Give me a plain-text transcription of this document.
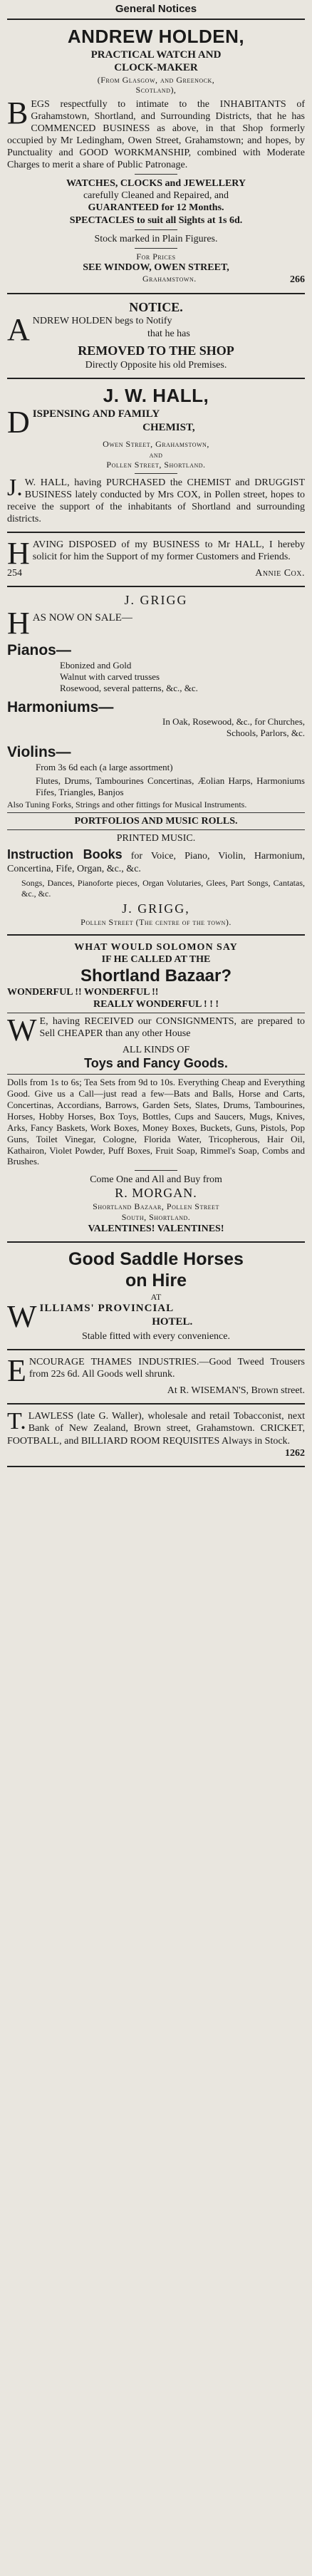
General Notices
ANDREW HOLDEN,
PRACTICAL WATCH AND
CLOCK-MAKER
(From Glasgow, and Greenock,
Scotland),
BEGS respectfully to intimate to the INHABITANTS of Grahamstown, Shortland, and Surrounding Districts, that he has COMMENCED BUSINESS as above, in that Shop formerly occupied by Mr Ledingham, Owen Street, Grahamstown; and hopes, by Punctuality and GOOD WORKMANSHIP, combined with Moderate Charges to merit a share of Public Patronage.
WATCHES, CLOCKS and JEWELLERY
carefully Cleaned and Repaired, and
GUARANTEED for 12 Months.
SPECTACLES to suit all Sights at 1s 6d.
Stock marked in Plain Figures.
For Prices
SEE WINDOW, OWEN STREET,
Grahamstown.	266
NOTICE.
A NDREW HOLDEN begs to Notify
that he has
REMOVED TO THE SHOP
Directly Opposite his old Premises.
J. W. HALL,
D ISPENSING AND FAMILY
CHEMIST,
Owen Street, Grahamstown,
and
Pollen Street, Shortland.
J. W. HALL, having PURCHASED the CHEMIST and DRUGGIST BUSINESS lately conducted by Mrs COX, in Pollen street, hopes to receive the support of the inhabitants of Shortland and surrounding districts.
HAVING DISPOSED of my BUSINESS to Mr HALL, I hereby solicit for him the Support of my former Customers and Friends.
254	Annie Cox.
J. GRIGG
H AS NOW ON SALE—
Pianos—
Ebonized and Gold
Walnut with carved trusses
Rosewood, several patterns, &c., &c.
Harmoniums—
In Oak, Rosewood, &c., for Churches,
Schools, Parlors, &c.
Violins—
From 3s 6d each (a large assortment)
Flutes, Drums, Tambourines Concertinas, Æolian Harps, Harmoniums Fifes, Triangles, Banjos
Also Tuning Forks, Strings and other fittings for Musical Instruments.
PORTFOLIOS AND MUSIC ROLLS.
PRINTED MUSIC.
Instruction Books for Voice, Piano, Violin, Harmonium, Concertina, Fife, Organ, &c., &c.
Songs, Dances, Pianoforte pieces, Organ Volutaries, Glees, Part Songs, Cantatas, &c., &c.
J. GRIGG,
Pollen Street (The centre of the town).
WHAT WOULD SOLOMON SAY
IF HE CALLED AT THE
Shortland Bazaar?
WONDERFUL !! WONDERFUL !!
REALLY WONDERFUL ! ! !
W E, having RECEIVED our CONSIGNMENTS, are prepared to Sell CHEAPER than any other House
ALL KINDS OF
Toys and Fancy Goods.
Dolls from 1s to 6s; Tea Sets from 9d to 10s. Everything Cheap and Everything Good. Give us a Call—just read a few—Bats and Balls, Horse and Carts, Concertinas, Accordians, Barrows, Garden Sets, Slates, Drums, Tambourines, Horses, Hobby Horses, Box Toys, Bottles, Cups and Saucers, Mugs, Knives, Arks, Fancy Baskets, Work Boxes, Money Boxes, Buckets, Guns, Pistols, Pop Guns, Toilet Vinegar, Cologne, Florida Water, Tricopherous, Hair Oil, Kathairon, Violet Powder, Puff Boxes, Fruit Soap, Rimmel's Soap, Combs and Brushes.
Come One and All and Buy from
R. MORGAN.
Shortland Bazaar, Pollen Street
South, Shortland.
VALENTINES! VALENTINES!
Good Saddle Horses
on Hire
AT
W ILLIAMS' PROVINCIAL
HOTEL.
Stable fitted with every convenience.
ENCOURAGE THAMES INDUSTRIES.—Good Tweed Trousers from 22s 6d. All Goods well shrunk.
At R. WISEMAN'S, Brown street.
T. LAWLESS (late G. Waller), wholesale and retail Tobacconist, next Bank of New Zealand, Brown street, Grahamstown. CRICKET, FOOTBALL, and BILLIARD ROOM REQUISITES Always in Stock.
1262
